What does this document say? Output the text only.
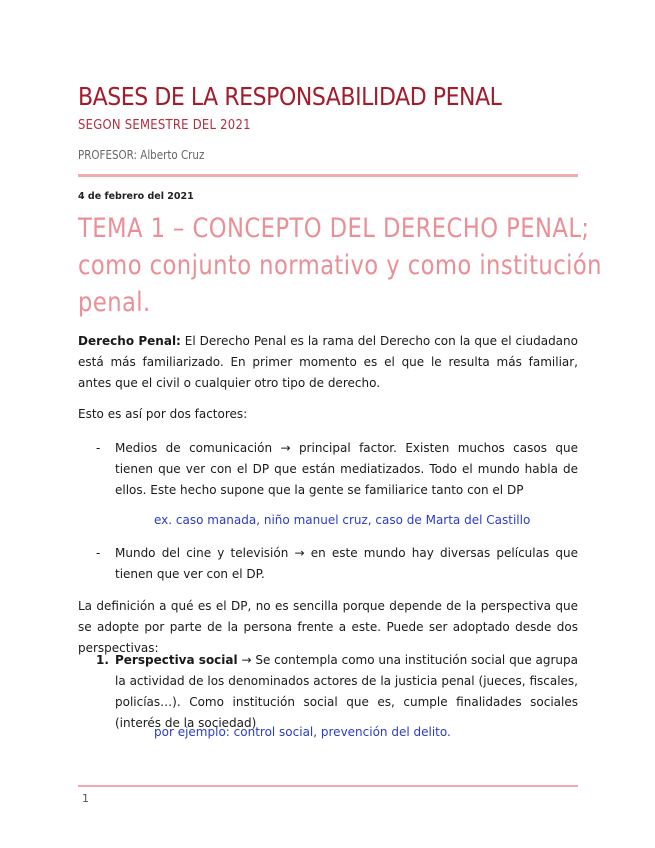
BASES DE LA RESPONSABILIDAD PENAL
SEGON SEMESTRE DEL 2021
PROFESOR: Alberto Cruz
4 de febrero del 2021
TEMA 1 – CONCEPTO DEL DERECHO PENAL;
como conjunto normativo y como institución
penal.
Derecho Penal: El Derecho Penal es la rama del Derecho con la que el ciudadano está más familiarizado. En primer momento es el que le resulta más familiar, antes que el civil o cualquier otro tipo de derecho.
Esto es así por dos factores:
- Medios de comunicación → principal factor. Existen muchos casos que tienen que ver con el DP que están mediatizados. Todo el mundo habla de ellos. Este hecho supone que la gente se familiarice tanto con el DP
ex. caso manada, niño manuel cruz, caso de Marta del Castillo
- Mundo del cine y televisión → en este mundo hay diversas películas que tienen que ver con el DP.
La definición a qué es el DP, no es sencilla porque depende de la perspectiva que se adopte por parte de la persona frente a este. Puede ser adoptado desde dos perspectivas:
1. Perspectiva social → Se contempla como una institución social que agrupa la actividad de los denominados actores de la justicia penal (jueces, fiscales, policías…). Como institución social que es, cumple finalidades sociales (interés de la sociedad)
por ejemplo: control social, prevención del delito.
1
